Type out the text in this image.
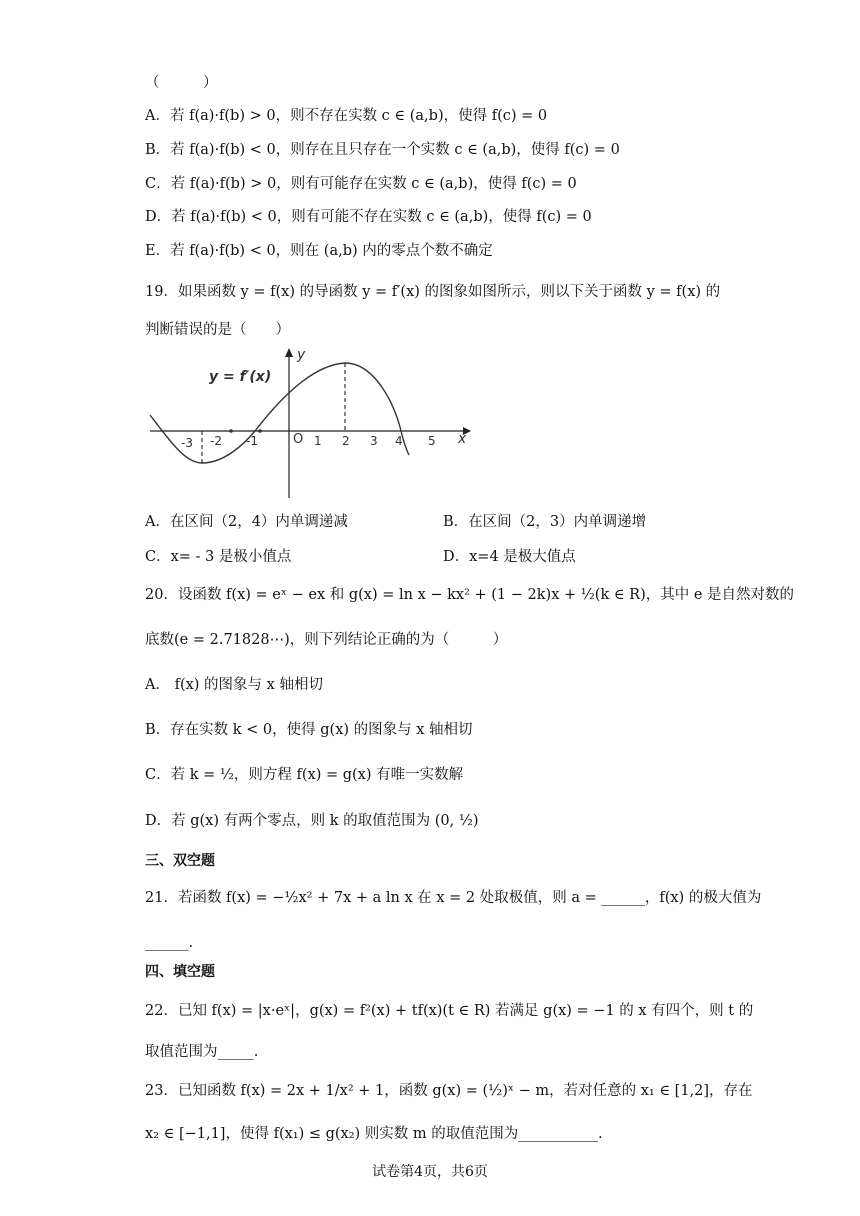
（　　　）
A．若 f(a)·f(b) > 0，则不存在实数 c ∈ (a,b)，使得 f(c) = 0
B．若 f(a)·f(b) < 0，则存在且只存在一个实数 c ∈ (a,b)，使得 f(c) = 0
C．若 f(a)·f(b) > 0，则有可能存在实数 c ∈ (a,b)，使得 f(c) = 0
D．若 f(a)·f(b) < 0，则有可能不存在实数 c ∈ (a,b)，使得 f(c) = 0
E．若 f(a)·f(b) < 0，则在 (a,b) 内的零点个数不确定
19．如果函数 y = f(x) 的导函数 y = f′(x) 的图象如图所示，则以下关于函数 y = f(x) 的
判断错误的是（　　）
y = f′(x)
y
x
O
-3 -2 -1	1 2 3 4 5
A．在区间（2，4）内单调递减	B．在区间（2，3）内单调递增
C．x= - 3 是极小值点	D．x=4 是极大值点
20．设函数 f(x) = eˣ − ex 和 g(x) = ln x − kx² + (1 − 2k)x + ½(k ∈ R)，其中 e 是自然对数的
底数(e = 2.71828⋯)，则下列结论正确的为（　　　）
A． f(x) 的图象与 x 轴相切
B．存在实数 k < 0，使得 g(x) 的图象与 x 轴相切
C．若 k = ½，则方程 f(x) = g(x) 有唯一实数解
D．若 g(x) 有两个零点，则 k 的取值范围为 (0, ½)
三、双空题
21．若函数 f(x) = −½x² + 7x + a ln x 在 x = 2 处取极值，则 a = ______，f(x) 的极大值为
______.
四、填空题
22．已知 f(x) = |x·eˣ|，g(x) = f²(x) + tf(x)(t ∈ R) 若满足 g(x) = −1 的 x 有四个，则 t 的
取值范围为_____.
23．已知函数 f(x) = 2x + 1/x² + 1，函数 g(x) = (½)ˣ − m，若对任意的 x₁ ∈ [1,2]，存在
x₂ ∈ [−1,1]，使得 f(x₁) ≤ g(x₂) 则实数 m 的取值范围为___________.
试卷第4页，共6页
